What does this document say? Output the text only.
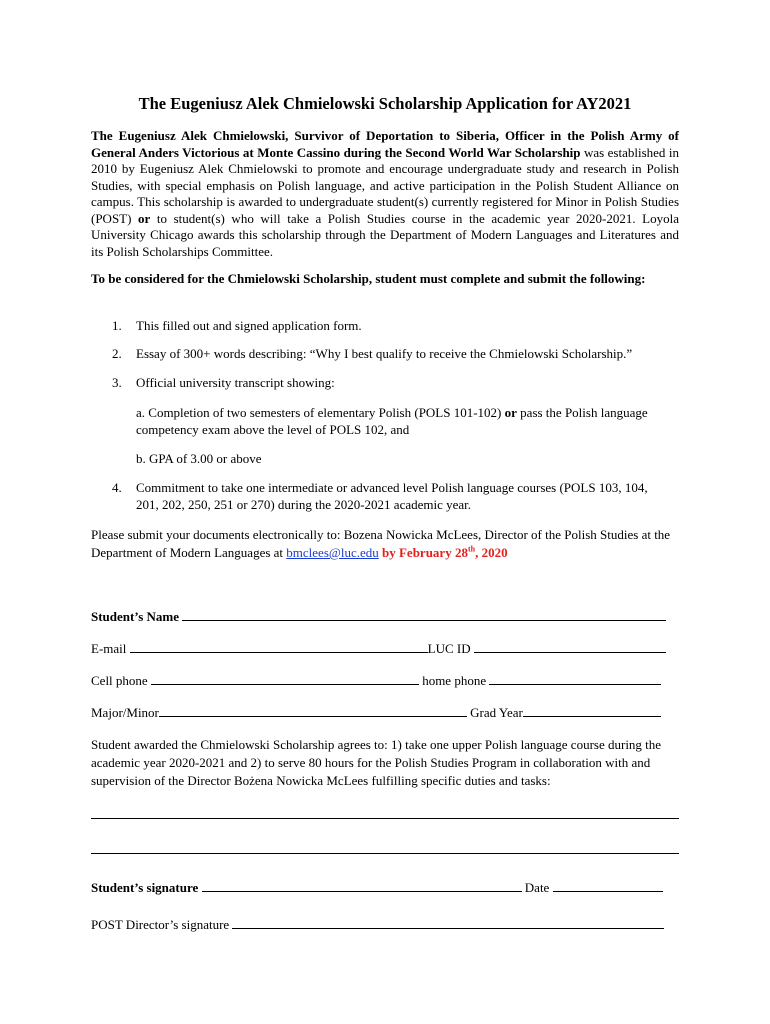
The Eugeniusz Alek Chmielowski Scholarship Application for AY2021
The Eugeniusz Alek Chmielowski, Survivor of Deportation to Siberia, Officer in the Polish Army of General Anders Victorious at Monte Cassino during the Second World War Scholarship was established in 2010 by Eugeniusz Alek Chmielowski to promote and encourage undergraduate study and research in Polish Studies, with special emphasis on Polish language, and active participation in the Polish Student Alliance on campus. This scholarship is awarded to undergraduate student(s) currently registered for Minor in Polish Studies (POST) or to student(s) who will take a Polish Studies course in the academic year 2020-2021. Loyola University Chicago awards this scholarship through the Department of Modern Languages and Literatures and its Polish Scholarships Committee.
To be considered for the Chmielowski Scholarship, student must complete and submit the following:
1. This filled out and signed application form.
2. Essay of 300+ words describing: “Why I best qualify to receive the Chmielowski Scholarship.”
3. Official university transcript showing:
a. Completion of two semesters of elementary Polish (POLS 101-102) or pass the Polish language competency exam above the level of POLS 102, and
b. GPA of 3.00 or above
4. Commitment to take one intermediate or advanced level Polish language courses (POLS 103, 104, 201, 202, 250, 251 or 270) during the 2020-2021 academic year.
Please submit your documents electronically to: Bozena Nowicka McLees, Director of the Polish Studies at the Department of Modern Languages at bmclees@luc.edu by February 28th, 2020
Student’s Name
E-mail	LUC ID
Cell phone	home phone
Major/Minor	Grad Year
Student awarded the Chmielowski Scholarship agrees to: 1) take one upper Polish language course during the academic year 2020-2021 and 2) to serve 80 hours for the Polish Studies Program in collaboration with and supervision of the Director Bożena Nowicka McLees fulfilling specific duties and tasks:
Student’s signature	Date
POST Director’s signature
